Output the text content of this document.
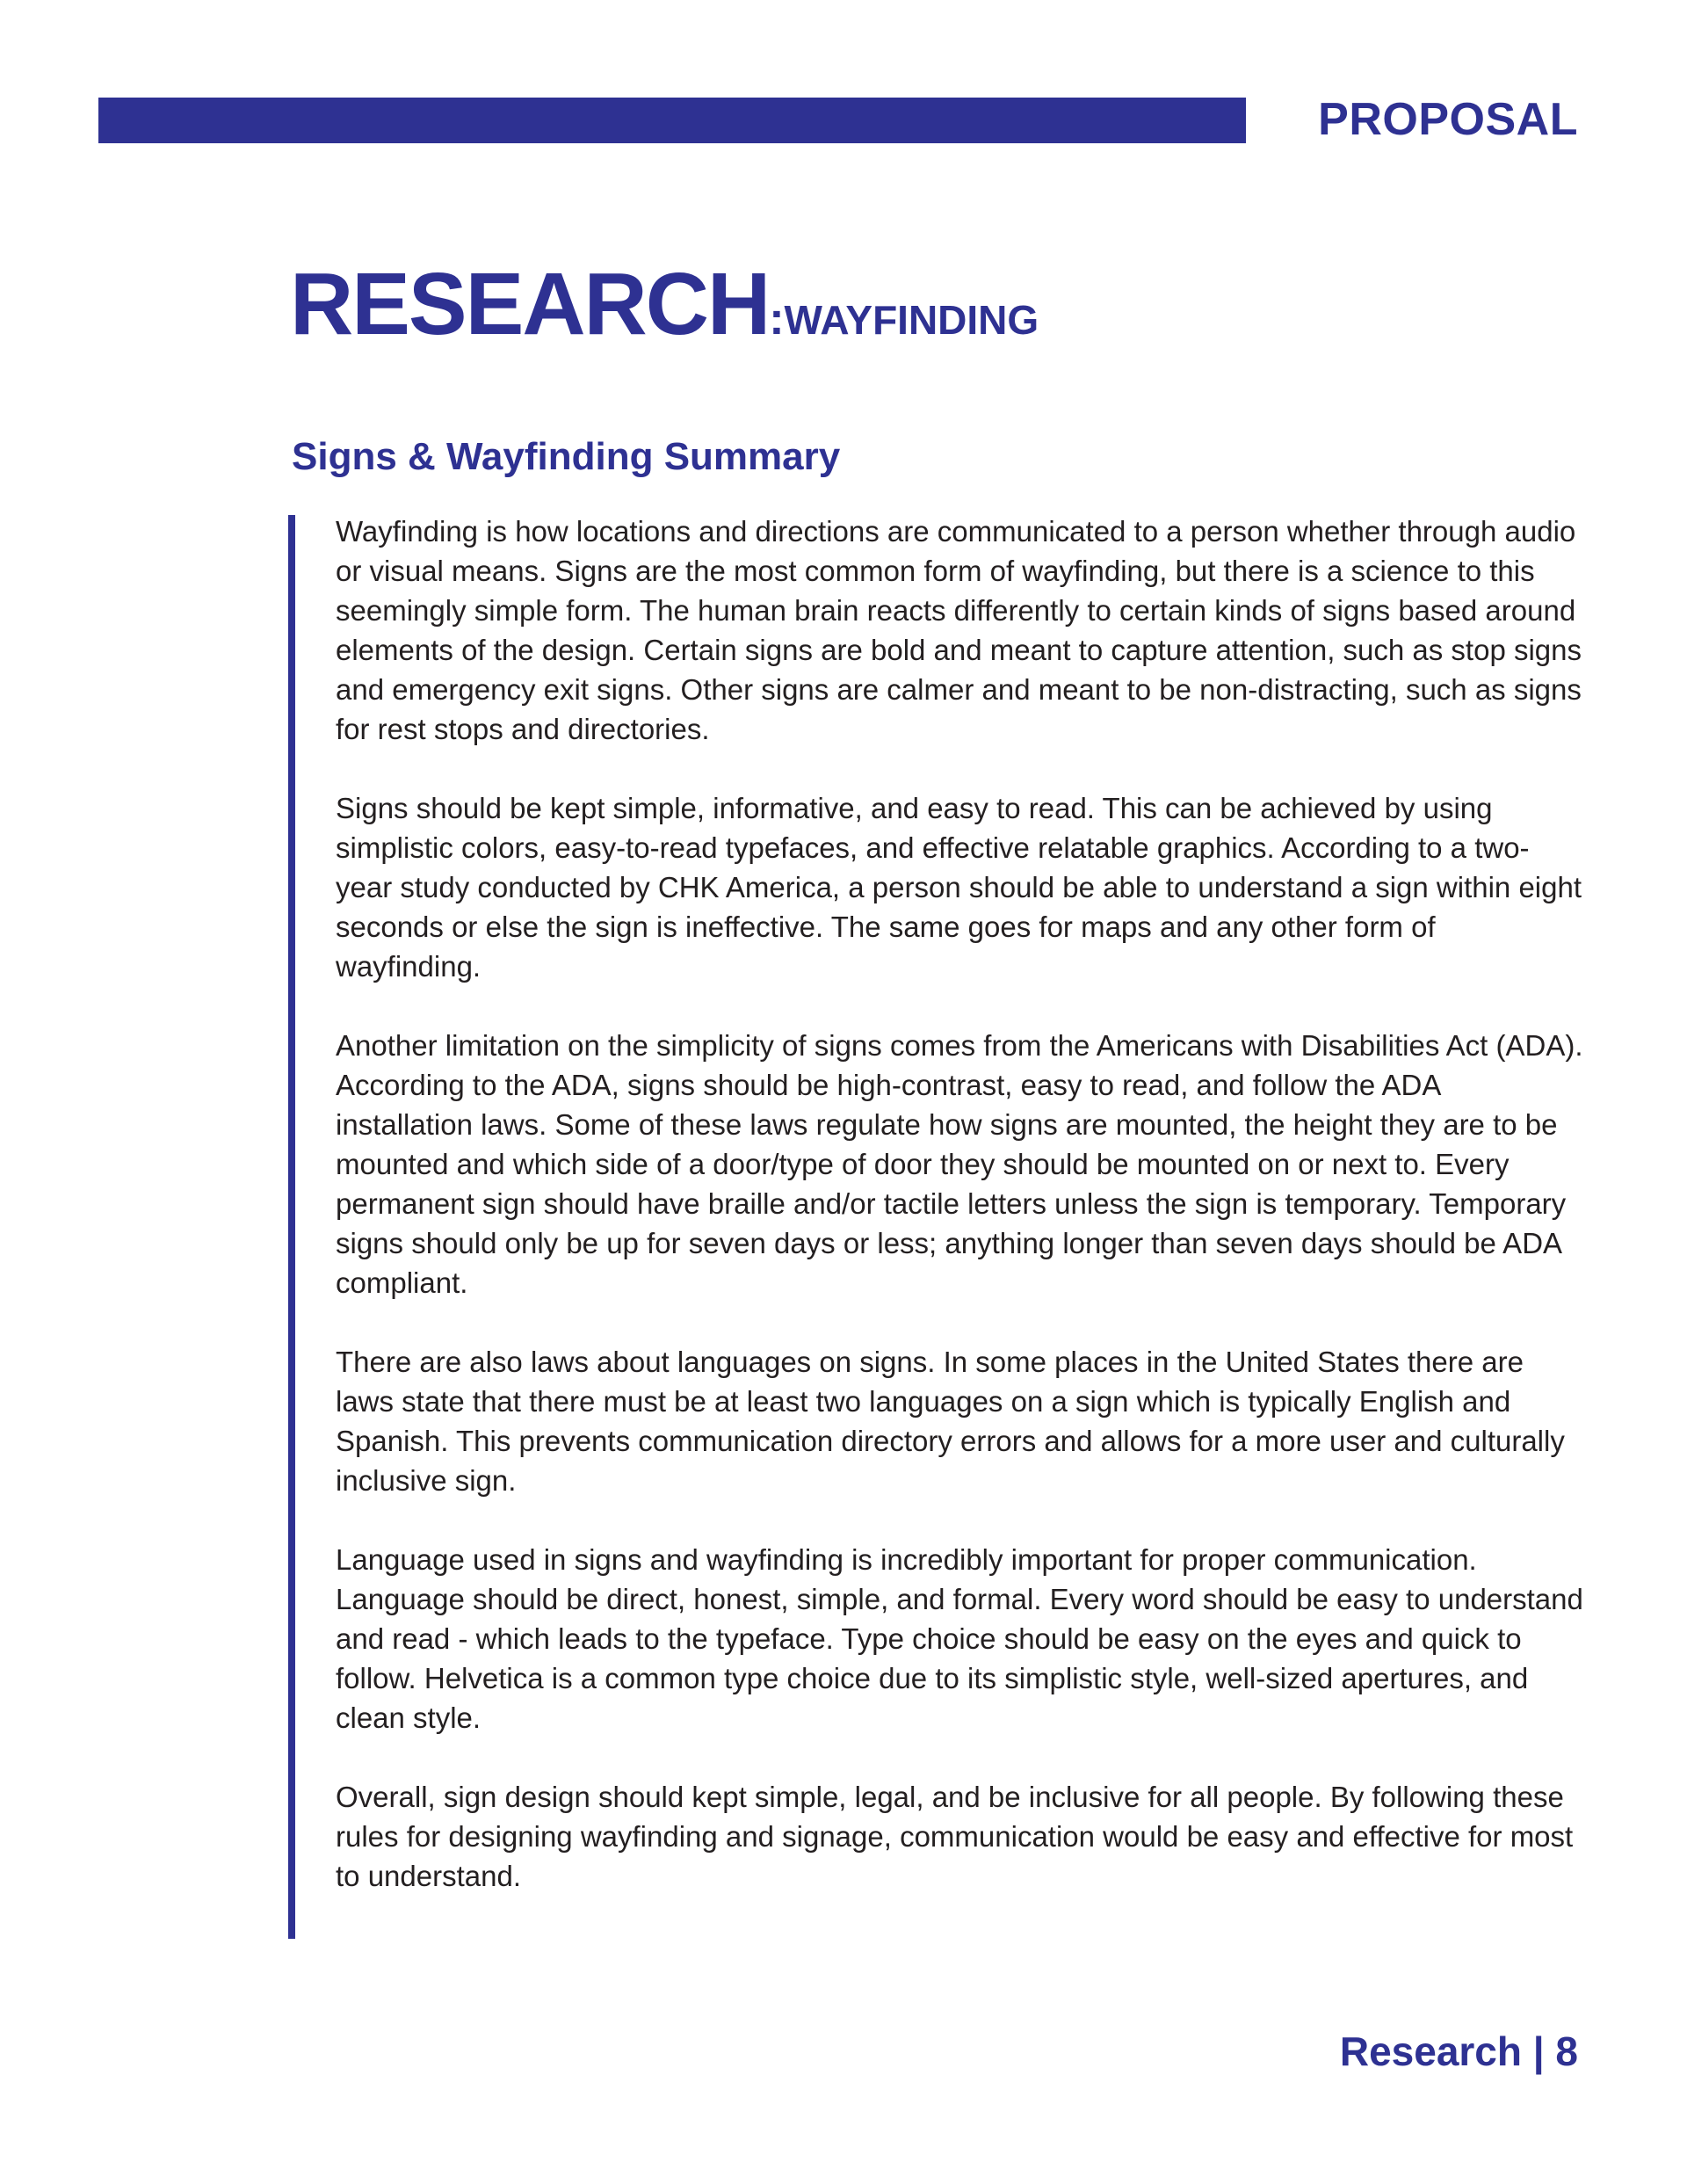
PROPOSAL
RESEARCH:WAYFINDING
Signs & Wayfinding Summary

Wayfinding is how locations and directions are communicated to a person whether through audio or visual means. Signs are the most common form of wayfinding, but there is a science to this seemingly simple form. The human brain reacts differently to certain kinds of signs based around elements of the design. Certain signs are bold and meant to capture attention, such as stop signs and emergency exit signs. Other signs are calmer and meant to be non-distracting, such as signs for rest stops and directories.

Signs should be kept simple, informative, and easy to read. This can be achieved by using simplistic colors, easy-to-read typefaces, and effective relatable graphics. According to a two-year study conducted by CHK America, a person should be able to understand a sign within eight seconds or else the sign is ineffective. The same goes for maps and any other form of wayfinding.

Another limitation on the simplicity of signs comes from the Americans with Disabilities Act (ADA). According to the ADA, signs should be high-contrast, easy to read, and follow the ADA installation laws. Some of these laws regulate how signs are mounted, the height they are to be mounted and which side of a door/type of door they should be mounted on or next to. Every permanent sign should have braille and/or tactile letters unless the sign is temporary. Temporary signs should only be up for seven days or less; anything longer than seven days should be ADA compliant.

There are also laws about languages on signs. In some places in the United States there are laws state that there must be at least two languages on a sign which is typically English and Spanish. This prevents communication directory errors and allows for a more user and culturally inclusive sign.

Language used in signs and wayfinding is incredibly important for proper communication. Language should be direct, honest, simple, and formal. Every word should be easy to understand and read - which leads to the typeface. Type choice should be easy on the eyes and quick to follow. Helvetica is a common type choice due to its simplistic style, well-sized apertures, and clean style.

Overall, sign design should kept simple, legal, and be inclusive for all people. By following these rules for designing wayfinding and signage, communication would be easy and effective for most to understand.

Research | 8
